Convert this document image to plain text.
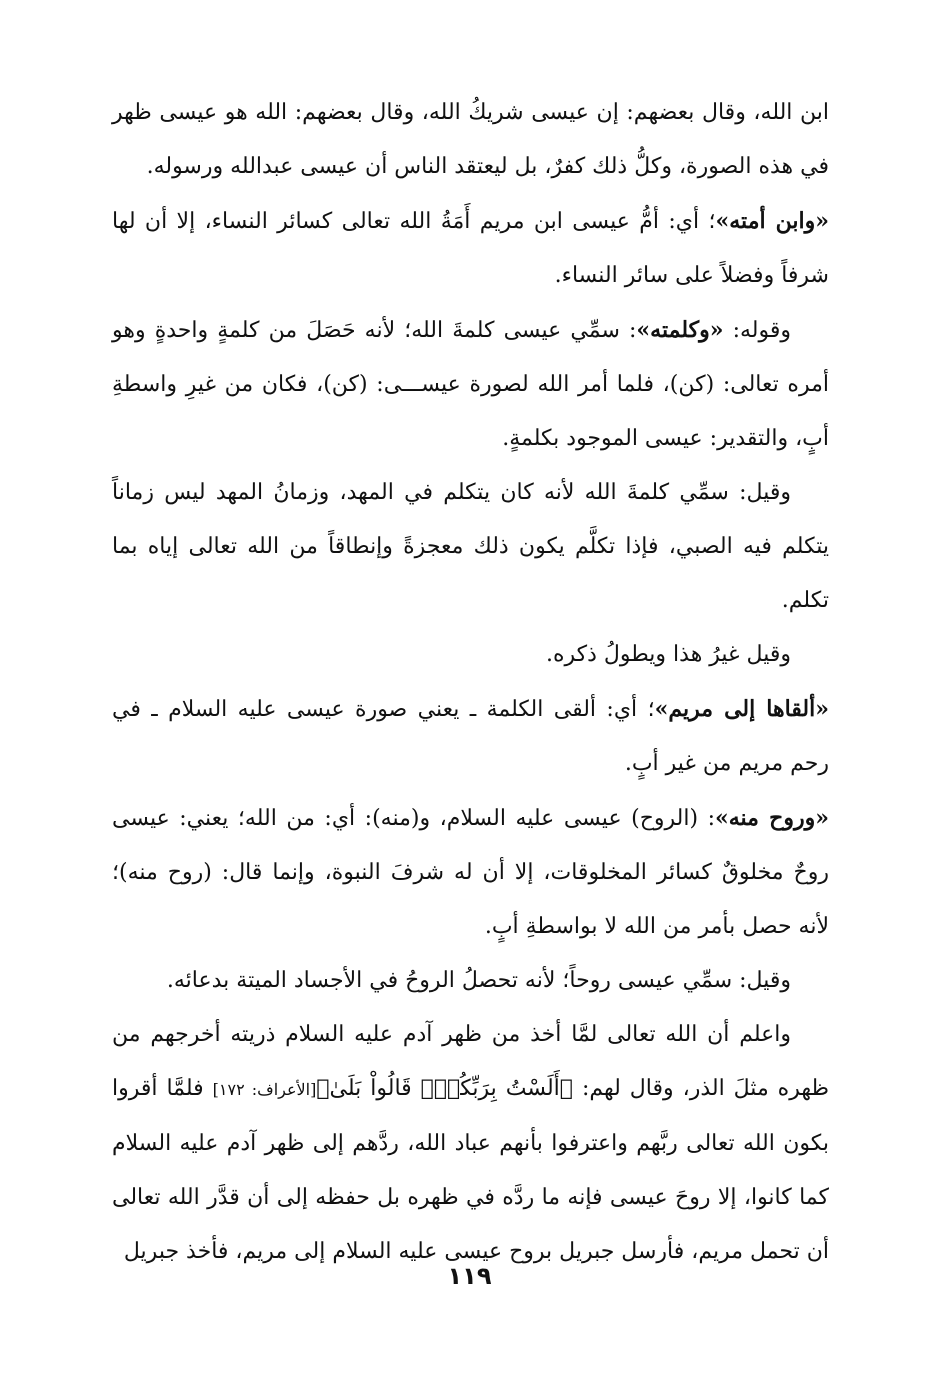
ابن الله، وقال بعضهم: إن عيسى شريكُ الله، وقال بعضهم: الله هو عيسى ظهر في هذه الصورة، وكلُّ ذلك كفرٌ، بل ليعتقد الناس أن عيسى عبدالله ورسوله.

«وابن أمته»؛ أي: أمُّ عيسى ابن مريم أَمَةُ الله تعالى كسائر النساء، إلا أن لها شرفاً وفضلاً على سائر النساء.

وقوله: «وكلمته»: سمِّي عيسى كلمةَ الله؛ لأنه حَصَلَ من كلمةٍ واحدةٍ وهو أمره تعالى: (كن)، فلما أمر الله لصورة عيســـى: (كن)، فكان من غيرِ واسطةِ أبٍ، والتقدير: عيسى الموجود بكلمةٍ.

وقيل: سمِّي كلمةَ الله لأنه كان يتكلم في المهد، وزمانُ المهد ليس زماناً يتكلم فيه الصبي، فإذا تكلَّم يكون ذلك معجزةً وإنطاقاً من الله تعالى إياه بما تكلم.

وقيل غيرُ هذا ويطولُ ذكره.

«ألقاها إلى مريم»؛ أي: ألقى الكلمة ـ يعني صورة عيسى عليه السلام ـ في رحم مريم من غير أبٍ.

«وروح منه»: (الروح) عيسى عليه السلام، و(منه): أي: من الله؛ يعني: عيسى روحٌ مخلوقٌ كسائر المخلوقات، إلا أن له شرفَ النبوة، وإنما قال: (روح منه)؛ لأنه حصل بأمر من الله لا بواسطةِ أبٍ.

وقيل: سمِّي عيسى روحاً؛ لأنه تحصلُ الروحُ في الأجساد الميتة بدعائه.

واعلم أن الله تعالى لمَّا أخذ من ظهر آدم عليه السلام ذريته أخرجهم من ظهره مثلَ الذر، وقال لهم: ﴿أَلَسْتُ بِرَبِّكُمْۖ قَالُواْ بَلَىٰ﴾[الأعراف: ١٧٢] فلمَّا أقروا بكون الله تعالى ربَّهم واعترفوا بأنهم عباد الله، ردَّهم إلى ظهر آدم عليه السلام كما كانوا، إلا روحَ عيسى فإنه ما ردَّه في ظهره بل حفظه إلى أن قدَّر الله تعالى أن تحمل مريم، فأرسل جبريل بروح عيسى عليه السلام إلى مريم، فأخذ جبريل

١١٩
